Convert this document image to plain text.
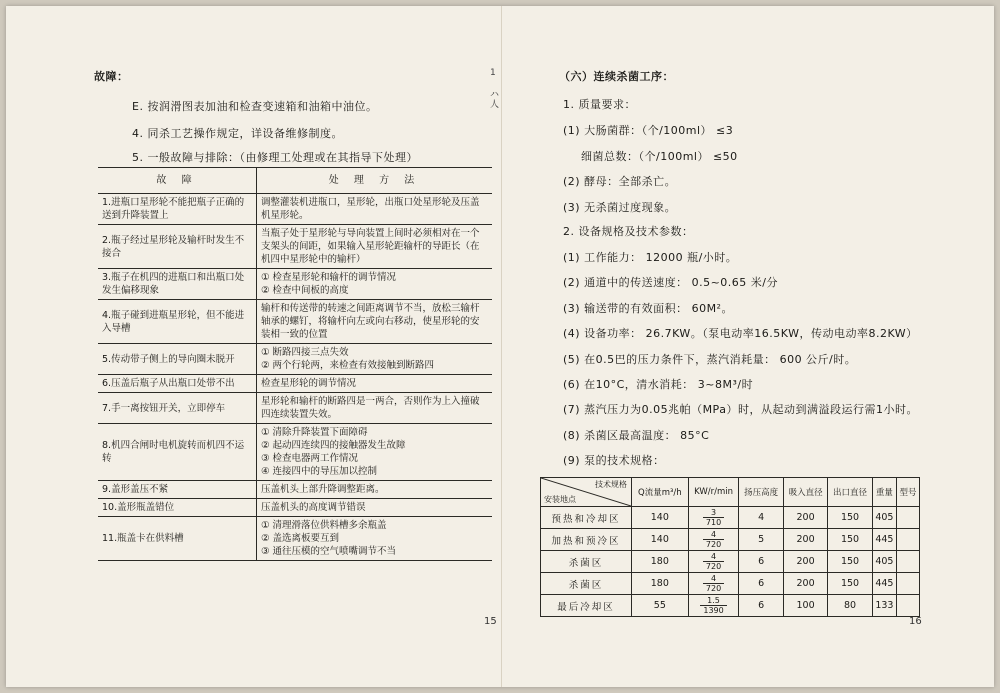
故障：
E. 按润滑图表加油和检查变速箱和油箱中油位。
4. 同杀工艺操作规定，详设备维修制度。
5. 一般故障与排除：（由修理工处理或在其指导下处理）
故 障	处 理 方 法
1.进瓶口星形轮不能把瓶子正确的送到升降装置上	调整灌装机进瓶口，星形轮，出瓶口处星形轮及压盖机星形轮。
2.瓶子经过星形轮及输杆时发生不接合	当瓶子处于星形轮与导向装置上间时必须相对在一个支架头的间距，如果输入星形轮距输杆的导距长（在机四中星形轮中的输杆）
3.瓶子在机四的进瓶口和出瓶口处发生偏移现象	① 检查星形轮和输杆的调节情况
② 检查中间板的高度
4.瓶子碰到进瓶星形轮，但不能进入导槽	输杆和传送带的转速之间距离调节不当，放松三输杆轴承的螺钉，将输杆向左或向右移动，使星形轮的安装相一致的位置
5.传动带子侧上的导向圈未脱开	① 断路四接三点失效
② 两个行轮两，来检查有效接触到断路四
6.压盖后瓶子从出瓶口处带不出	检查星形轮的调节情况
7.手一离按钮开关，立即停车	星形轮和输杆的断路四是一两合，否则作为上入撞破四连续装置失效。
8.机四合闸时电机旋转而机四不运转	① 清除升降装置下面障碍
② 起动四连续四的接触器发生故障
③ 检查电器两工作情况
④ 连接四中的导压加以控制
9.盖形盖压不紧	压盖机头上部升降调整距离。
10.盖形瓶盖错位	压盖机头的高度调节错误
11.瓶盖卡在供料槽	① 清理滑落位供料槽多余瓶盖
② 盖选离板要互到
③ 通往压模的空气喷嘴调节不当
15
1
ハ
人
（六）连续杀菌工序：
1. 质量要求：
(1) 大肠菌群：（个/100ml） ≤3
细菌总数：（个/100ml） ≤50
(2) 酵母：全部杀亡。
(3) 无杀菌过度现象。
2. 设备规格及技术参数：
(1) 工作能力： 12000 瓶/小时。
(2) 通道中的传送速度： 0.5~0.65 米/分
(3) 输送带的有效面积： 60M²。
(4) 设备功率： 26.7KW。（泵电动率16.5KW，传动电动率8.2KW）
(5) 在0.5巴的压力条件下，蒸汽消耗量： 600 公斤/时。
(6) 在10°C，清水消耗： 3~8M³/时
(7) 蒸汽压力为0.05兆帕（MPa）时，从起动到满溢段运行需1小时。
(8) 杀菌区最高温度： 85°C
(9) 泵的技术规格：
16
技术规格
安装地点	Q流量m³/h	KW/r/min	扬压高度	吸入直径	出口直径	重量	型号
预热和冷却区	140	$\frac{3}{710}$	4	200	150	405	
加热和预冷区	140	$\frac{4}{720}$	5	200	150	445	
杀菌区	180	$\frac{4}{720}$	6	200	150	405	
杀菌区	180	$\frac{4}{720}$	6	200	150	445	
最后冷却区	55	$\frac{1.5}{1390}$	6	100	80	133	
